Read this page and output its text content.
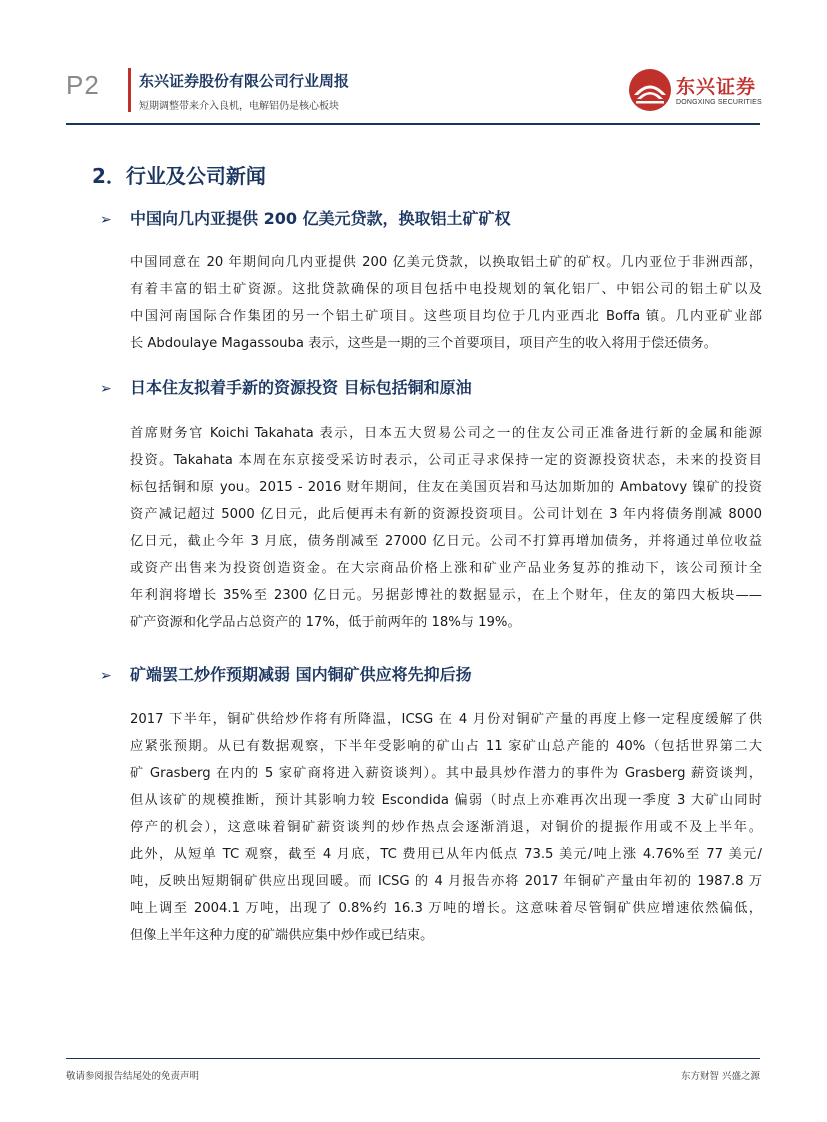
P2	东兴证券股份有限公司行业周报
短期调整带来介入良机，电解铝仍是核心板块
东兴证券
DONGXING SECURITIES
2．行业及公司新闻
➢ 中国向几内亚提供 200 亿美元贷款，换取铝土矿矿权
中国同意在 20 年期间向几内亚提供 200 亿美元贷款，以换取铝土矿的矿权。几内亚位于非洲西部，
有着丰富的铝土矿资源。这批贷款确保的项目包括中电投规划的氧化铝厂、中铝公司的铝土矿以及
中国河南国际合作集团的另一个铝土矿项目。这些项目均位于几内亚西北 Boffa 镇。几内亚矿业部
长 Abdoulaye Magassouba 表示，这些是一期的三个首要项目，项目产生的收入将用于偿还债务。
➢ 日本住友拟着手新的资源投资 目标包括铜和原油
首席财务官 Koichi Takahata 表示，日本五大贸易公司之一的住友公司正准备进行新的金属和能源
投资。Takahata 本周在东京接受采访时表示，公司正寻求保持一定的资源投资状态，未来的投资目
标包括铜和原 you。2015 - 2016 财年期间，住友在美国页岩和马达加斯加的 Ambatovy 镍矿的投资
资产减记超过 5000 亿日元，此后便再未有新的资源投资项目。公司计划在 3 年内将债务削减 8000
亿日元，截止今年 3 月底，债务削减至 27000 亿日元。公司不打算再增加债务，并将通过单位收益
或资产出售来为投资创造资金。在大宗商品价格上涨和矿业产品业务复苏的推动下，该公司预计全
年利润将增长 35%至 2300 亿日元。另据彭博社的数据显示，在上个财年，住友的第四大板块——
矿产资源和化学品占总资产的 17%，低于前两年的 18%与 19%。
➢ 矿端罢工炒作预期减弱 国内铜矿供应将先抑后扬
2017 下半年，铜矿供给炒作将有所降温，ICSG 在 4 月份对铜矿产量的再度上修一定程度缓解了供
应紧张预期。从已有数据观察，下半年受影响的矿山占 11 家矿山总产能的 40%（包括世界第二大
矿 Grasberg 在内的 5 家矿商将进入薪资谈判）。其中最具炒作潜力的事件为 Grasberg 薪资谈判，
但从该矿的规模推断，预计其影响力较 Escondida 偏弱（时点上亦难再次出现一季度 3 大矿山同时
停产的机会），这意味着铜矿薪资谈判的炒作热点会逐渐消退，对铜价的提振作用或不及上半年。
此外，从短单 TC 观察，截至 4 月底，TC 费用已从年内低点 73.5 美元/吨上涨 4.76%至 77 美元/
吨，反映出短期铜矿供应出现回暖。而 ICSG 的 4 月报告亦将 2017 年铜矿产量由年初的 1987.8 万
吨上调至 2004.1 万吨，出现了 0.8%约 16.3 万吨的增长。这意味着尽管铜矿供应增速依然偏低，
但像上半年这种力度的矿端供应集中炒作或已结束。
敬请参阅报告结尾处的免责声明	东方财智 兴盛之源
